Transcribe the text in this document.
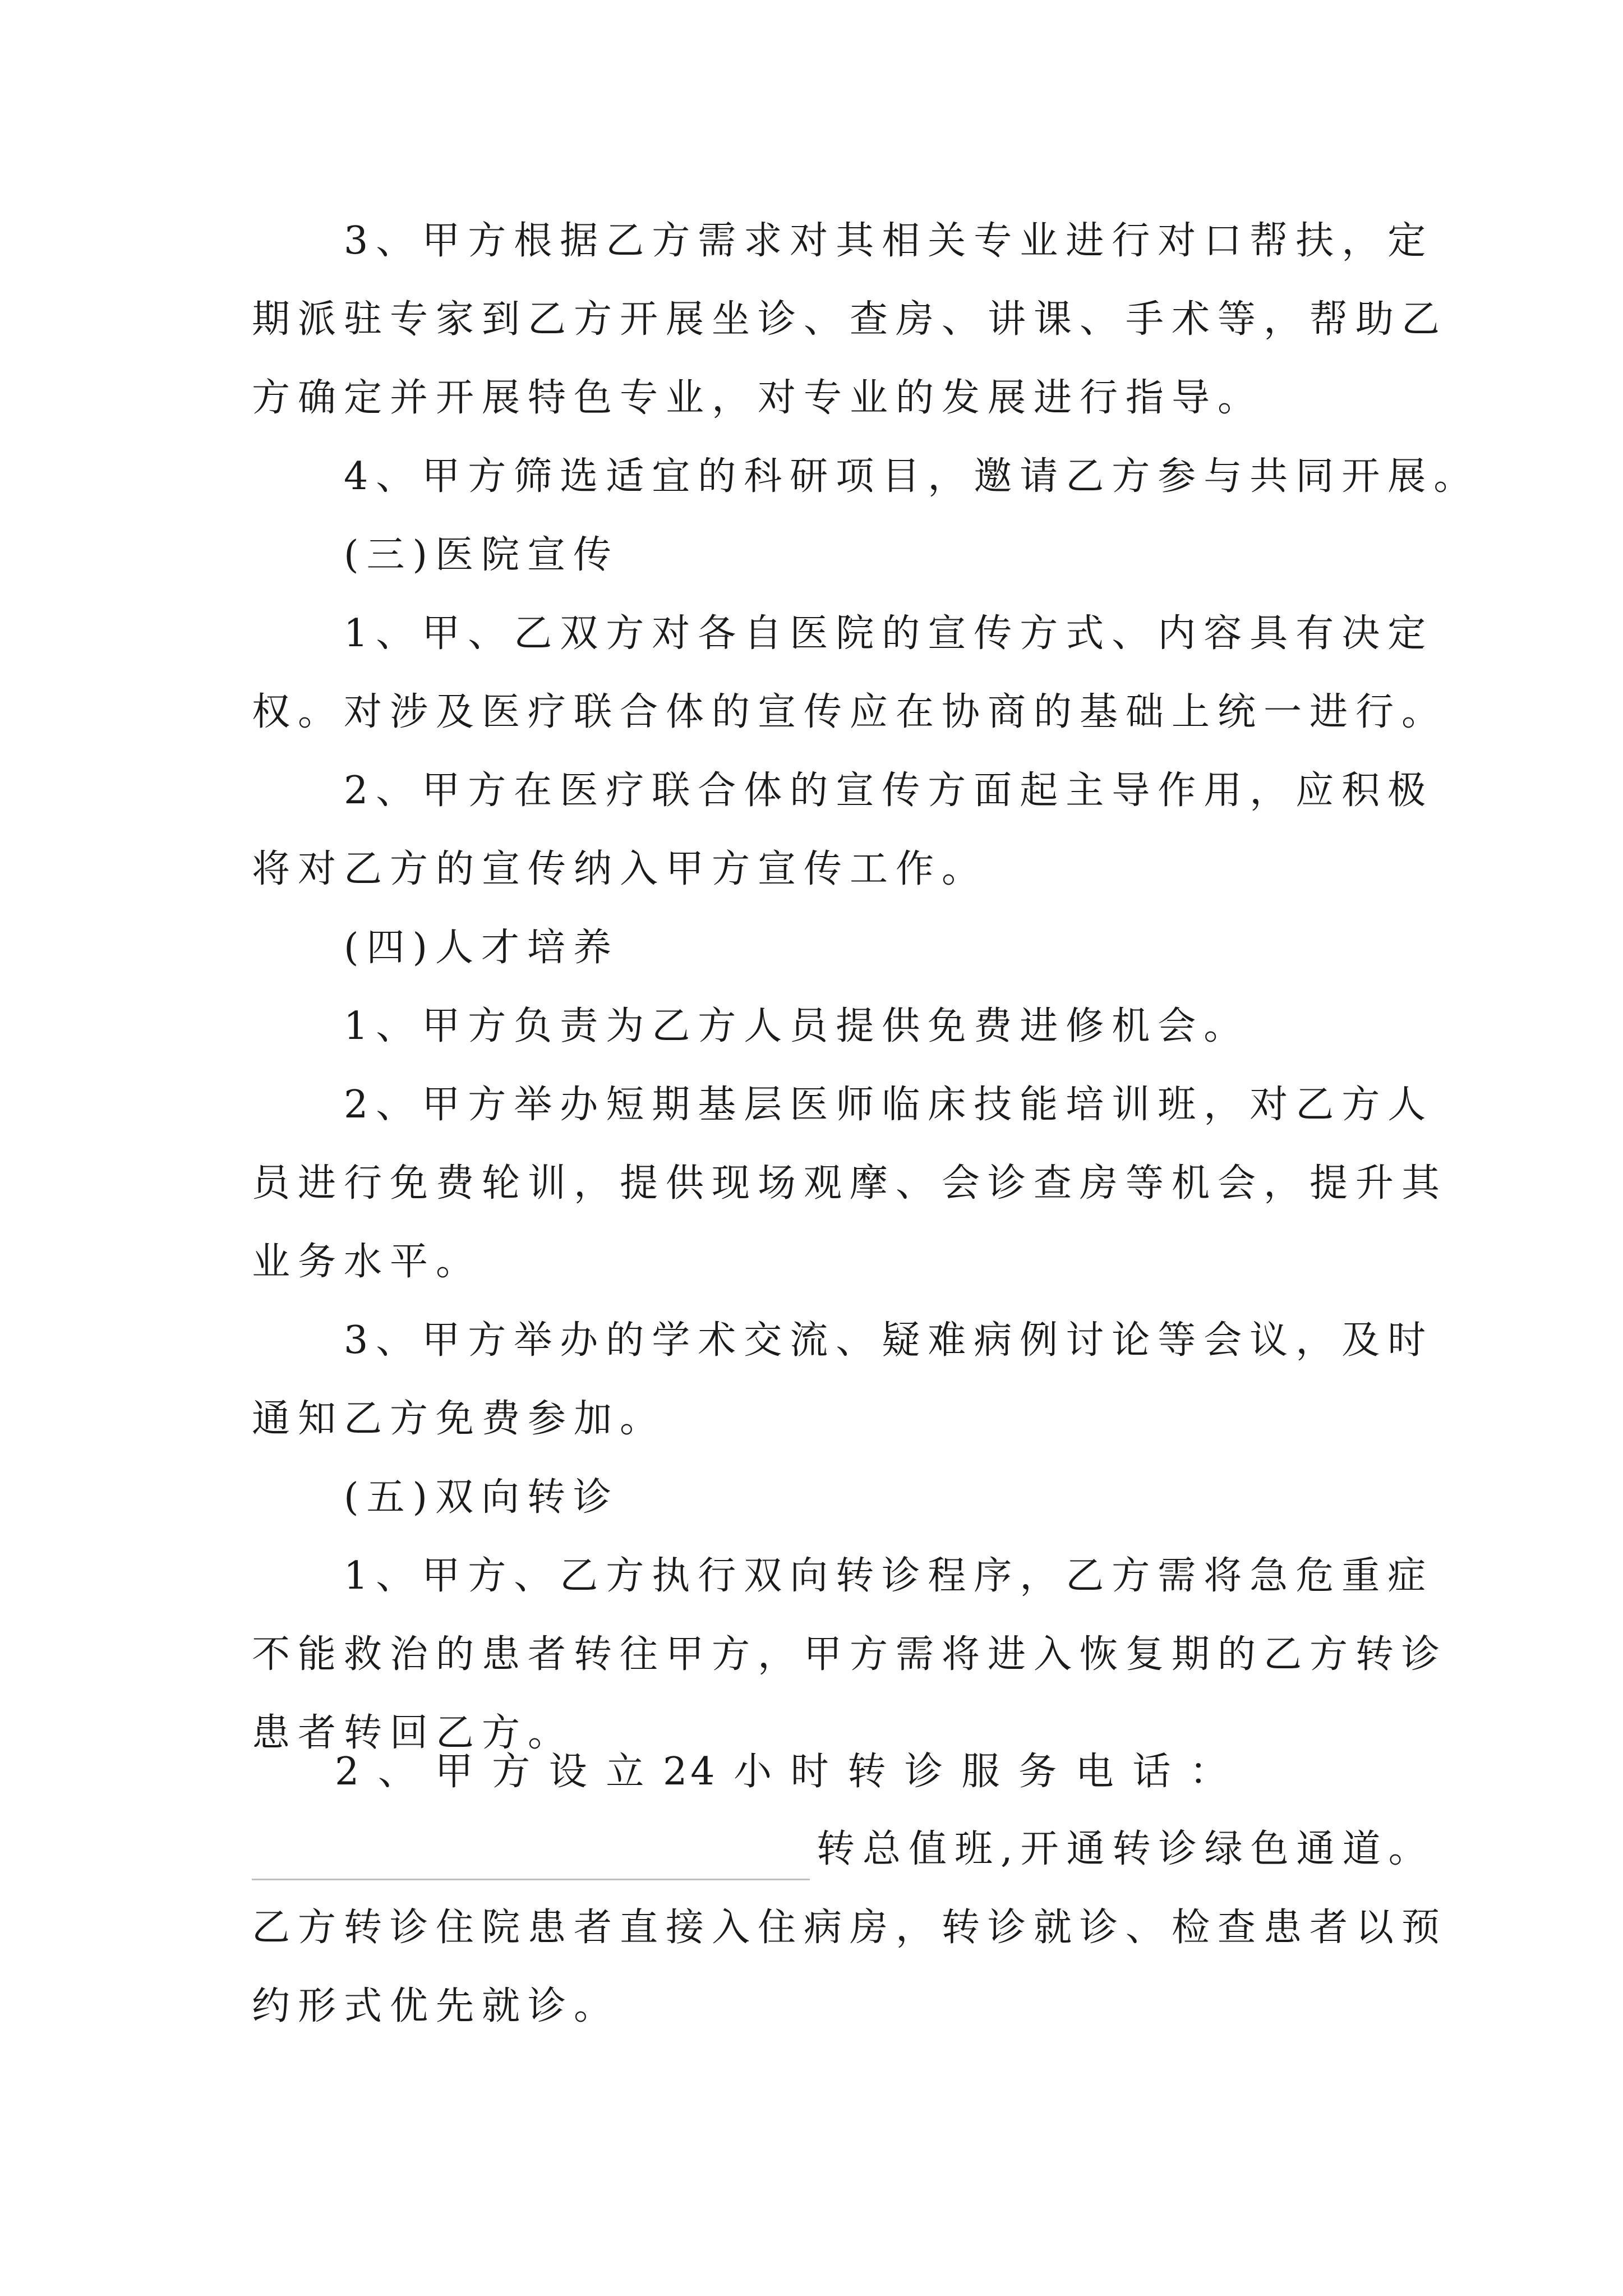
　　3、甲方根据乙方需求对其相关专业进行对口帮扶，定
期派驻专家到乙方开展坐诊、查房、讲课、手术等，帮助乙
方确定并开展特色专业，对专业的发展进行指导。
　　4、甲方筛选适宜的科研项目，邀请乙方参与共同开展。
　　(三)医院宣传
　　1、甲、乙双方对各自医院的宣传方式、内容具有决定
权。对涉及医疗联合体的宣传应在协商的基础上统一进行。
　　2、甲方在医疗联合体的宣传方面起主导作用，应积极
将对乙方的宣传纳入甲方宣传工作。
　　(四)人才培养
　　1、甲方负责为乙方人员提供免费进修机会。
　　2、甲方举办短期基层医师临床技能培训班，对乙方人
员进行免费轮训，提供现场观摩、会诊查房等机会，提升其
业务水平。
　　3、甲方举办的学术交流、疑难病例讨论等会议，及时
通知乙方免费参加。
　　(五)双向转诊
　　1、甲方、乙方执行双向转诊程序，乙方需将急危重症
不能救治的患者转往甲方，甲方需将进入恢复期的乙方转诊
患者转回乙方。
　　2 、 甲 方 设 立 24 小 时 转 诊 服 务 电 话 ：
转总值班,开通转诊绿色通道。
乙方转诊住院患者直接入住病房，转诊就诊、检查患者以预
约形式优先就诊。
